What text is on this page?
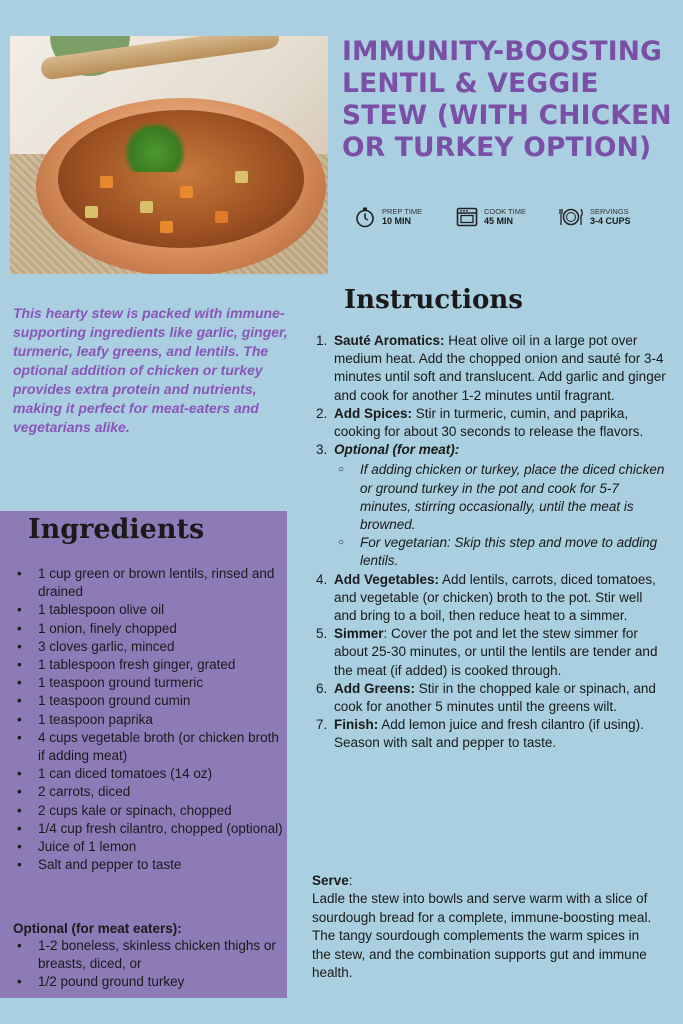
IMMUNITY-BOOSTING LENTIL & VEGGIE STEW (WITH CHICKEN OR TURKEY OPTION)
PREP TIME
10 MIN
COOK TIME
45 MIN
SERVINGS
3-4 CUPS

This hearty stew is packed with immune-supporting ingredients like garlic, ginger, turmeric, leafy greens, and lentils. The optional addition of chicken or turkey provides extra protein and nutrients, making it perfect for meat-eaters and vegetarians alike.

Ingredients
• 1 cup green or brown lentils, rinsed and drained
• 1 tablespoon olive oil
• 1 onion, finely chopped
• 3 cloves garlic, minced
• 1 tablespoon fresh ginger, grated
• 1 teaspoon ground turmeric
• 1 teaspoon ground cumin
• 1 teaspoon paprika
• 4 cups vegetable broth (or chicken broth if adding meat)
• 1 can diced tomatoes (14 oz)
• 2 carrots, diced
• 2 cups kale or spinach, chopped
• 1/4 cup fresh cilantro, chopped (optional)
• Juice of 1 lemon
• Salt and pepper to taste

Optional (for meat eaters):

• 1-2 boneless, skinless chicken thighs or breasts, diced, or
• 1/2 pound ground turkey
Instructions
1. Sauté Aromatics: Heat olive oil in a large pot over medium heat. Add the chopped onion and sauté for 3-4 minutes until soft and translucent. Add garlic and ginger and cook for another 1-2 minutes until fragrant.
2. Add Spices: Stir in turmeric, cumin, and paprika, cooking for about 30 seconds to release the flavors.
3. Optional (for meat):
○ If adding chicken or turkey, place the diced chicken or ground turkey in the pot and cook for 5-7 minutes, stirring occasionally, until the meat is browned.
○ For vegetarian: Skip this step and move to adding lentils.
4. Add Vegetables: Add lentils, carrots, diced tomatoes, and vegetable (or chicken) broth to the pot. Stir well and bring to a boil, then reduce heat to a simmer.
5. Simmer: Cover the pot and let the stew simmer for about 25-30 minutes, or until the lentils are tender and the meat (if added) is cooked through.
6. Add Greens: Stir in the chopped kale or spinach, and cook for another 5 minutes until the greens wilt.
7. Finish: Add lemon juice and fresh cilantro (if using). Season with salt and pepper to taste.

Serve:

Ladle the stew into bowls and serve warm with a slice of sourdough bread for a complete, immune-boosting meal. The tangy sourdough complements the warm spices in the stew, and the combination supports gut and immune health.
